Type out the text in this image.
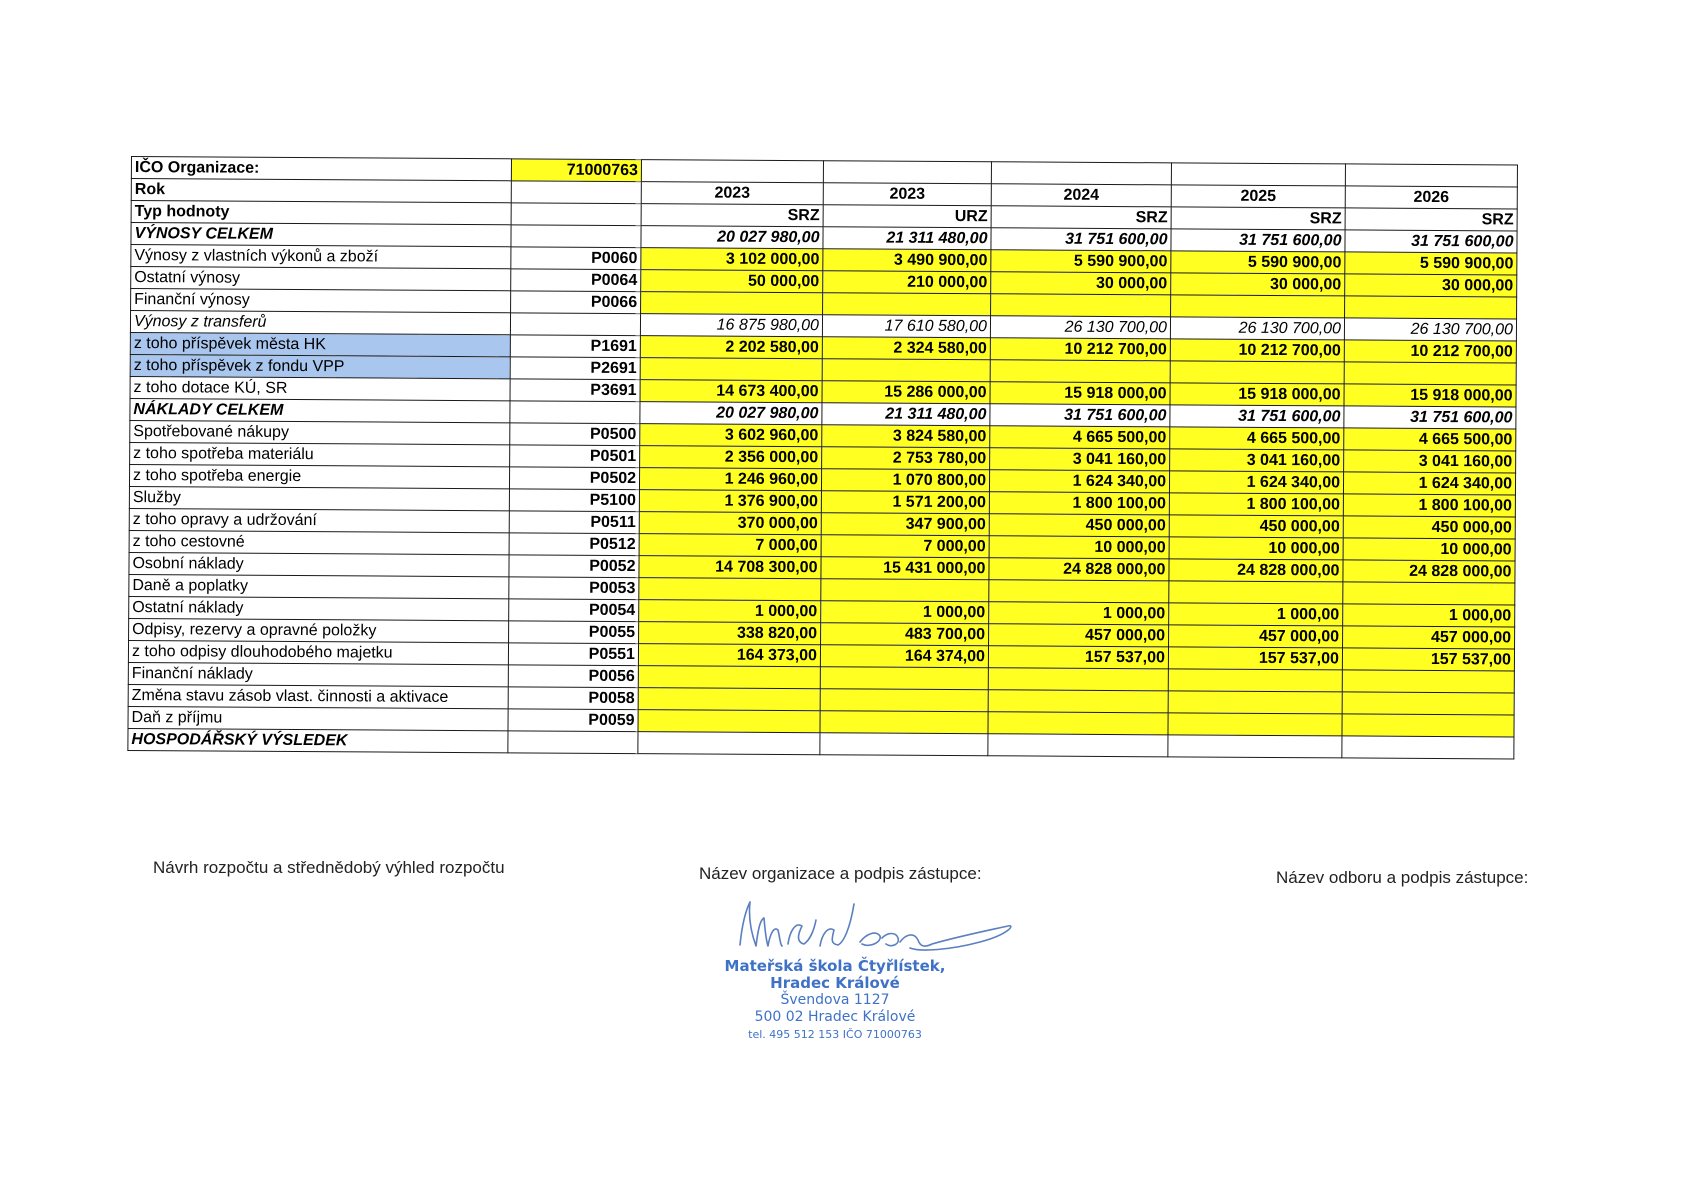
IČO Organizace:	71000763					
Rok		2023	2023	2024	2025	2026
Typ hodnoty		SRZ	URZ	SRZ	SRZ	SRZ
VÝNOSY CELKEM		20 027 980,00	21 311 480,00	31 751 600,00	31 751 600,00	31 751 600,00
Výnosy z vlastních výkonů a zboží	P0060	3 102 000,00	3 490 900,00	5 590 900,00	5 590 900,00	5 590 900,00
Ostatní výnosy	P0064	50 000,00	210 000,00	30 000,00	30 000,00	30 000,00
Finanční výnosy	P0066					
Výnosy z transferů		16 875 980,00	17 610 580,00	26 130 700,00	26 130 700,00	26 130 700,00
z toho příspěvek města HK	P1691	2 202 580,00	2 324 580,00	10 212 700,00	10 212 700,00	10 212 700,00
z toho příspěvek z fondu VPP	P2691					
z toho dotace KÚ, SR	P3691	14 673 400,00	15 286 000,00	15 918 000,00	15 918 000,00	15 918 000,00
NÁKLADY CELKEM		20 027 980,00	21 311 480,00	31 751 600,00	31 751 600,00	31 751 600,00
Spotřebované nákupy	P0500	3 602 960,00	3 824 580,00	4 665 500,00	4 665 500,00	4 665 500,00
z toho spotřeba materiálu	P0501	2 356 000,00	2 753 780,00	3 041 160,00	3 041 160,00	3 041 160,00
z toho spotřeba energie	P0502	1 246 960,00	1 070 800,00	1 624 340,00	1 624 340,00	1 624 340,00
Služby	P5100	1 376 900,00	1 571 200,00	1 800 100,00	1 800 100,00	1 800 100,00
z toho opravy a udržování	P0511	370 000,00	347 900,00	450 000,00	450 000,00	450 000,00
z toho cestovné	P0512	7 000,00	7 000,00	10 000,00	10 000,00	10 000,00
Osobní náklady	P0052	14 708 300,00	15 431 000,00	24 828 000,00	24 828 000,00	24 828 000,00
Daně a poplatky	P0053					
Ostatní náklady	P0054	1 000,00	1 000,00	1 000,00	1 000,00	1 000,00
Odpisy, rezervy a opravné položky	P0055	338 820,00	483 700,00	457 000,00	457 000,00	457 000,00
z toho odpisy dlouhodobého majetku	P0551	164 373,00	164 374,00	157 537,00	157 537,00	157 537,00
Finanční náklady	P0056					
Změna stavu zásob vlast. činnosti a aktivace	P0058					
Daň z příjmu	P0059					
HOSPODÁŘSKÝ VÝSLEDEK						
Návrh rozpočtu a střednědobý výhled rozpočtu	Název organizace a podpis zástupce:	Název odboru a podpis zástupce:
Mateřská škola Čtyřlístek,
Hradec Králové
Švendova 1127
500 02 Hradec Králové
tel. 495 512 153 IČO 71000763
